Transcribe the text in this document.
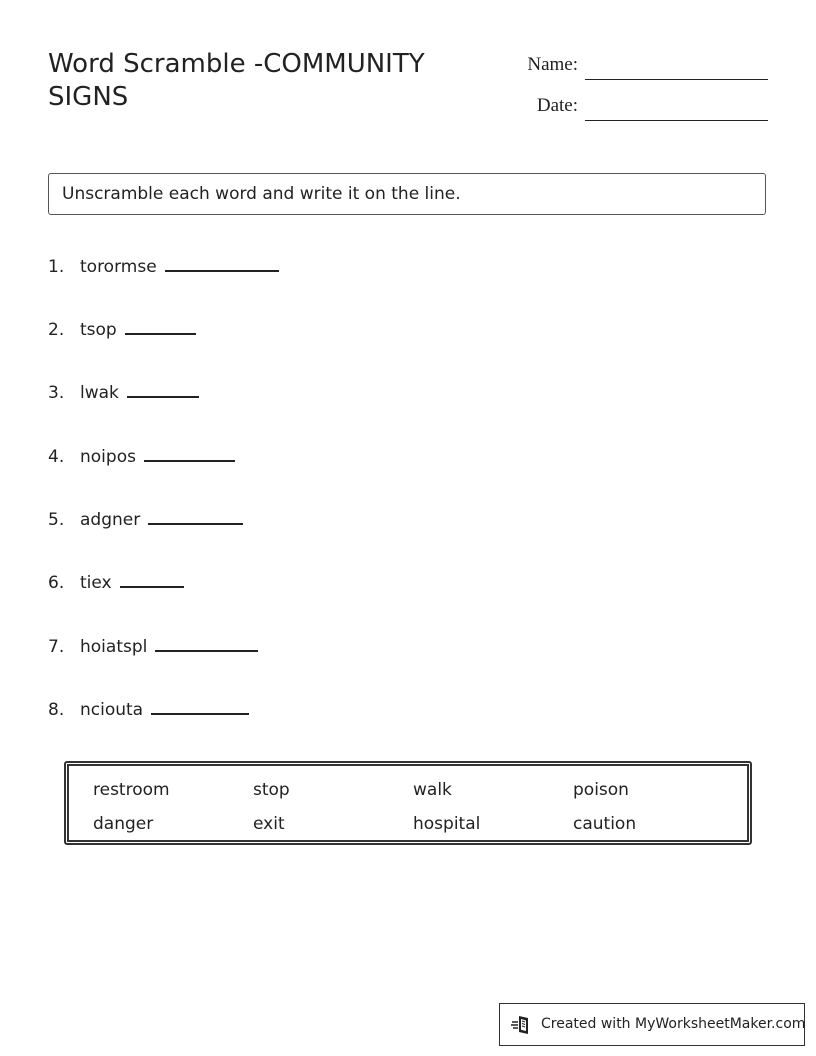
Word Scramble -COMMUNITY SIGNS
Name:
Date:
Unscramble each word and write it on the line.
1. torormse
2. tsop
3. lwak
4. noipos
5. adgner
6. tiex
7. hoiatspl
8. nciouta
restroom	stop	walk	poison
danger	exit	hospital	caution
Created with MyWorksheetMaker.com
